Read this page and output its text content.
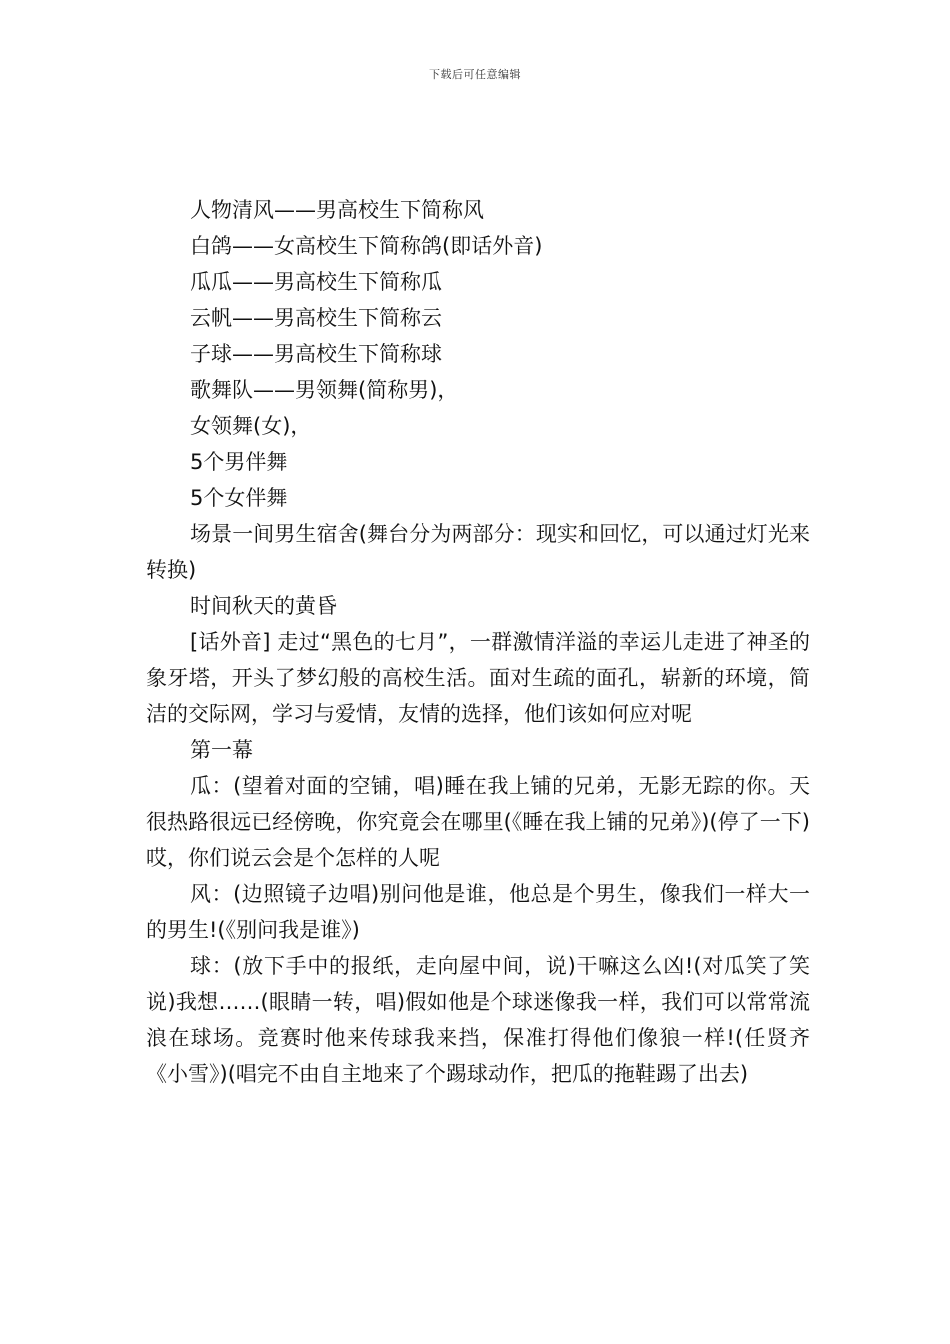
下载后可任意编辑

人物清风——男高校生下简称风

白鸽——女高校生下简称鸽(即话外音)

瓜瓜——男高校生下简称瓜

云帆——男高校生下简称云

子球——男高校生下简称球

歌舞队——男领舞(简称男)，

女领舞(女)，

5个男伴舞

5个女伴舞

场景一间男生宿舍(舞台分为两部分：现实和回忆，可以通过灯光来转换)

时间秋天的黄昏

[话外音] 走过“黑色的七月”，一群激情洋溢的幸运儿走进了神圣的象牙塔，开头了梦幻般的高校生活。面对生疏的面孔，崭新的环境，简洁的交际网，学习与爱情，友情的选择，他们该如何应对呢

第一幕

瓜：(望着对面的空铺，唱)睡在我上铺的兄弟，无影无踪的你。天很热路很远已经傍晚，你究竟会在哪里(《睡在我上铺的兄弟》)(停了一下)哎，你们说云会是个怎样的人呢

风：(边照镜子边唱)别问他是谁，他总是个男生，像我们一样大一的男生!(《别问我是谁》)

球：(放下手中的报纸，走向屋中间，说)干嘛这么凶!(对瓜笑了笑说)我想……(眼睛一转，唱)假如他是个球迷像我一样，我们可以常常流浪在球场。竞赛时他来传球我来挡，保准打得他们像狼一样!(任贤齐《小雪》)(唱完不由自主地来了个踢球动作，把瓜的拖鞋踢了出去)
